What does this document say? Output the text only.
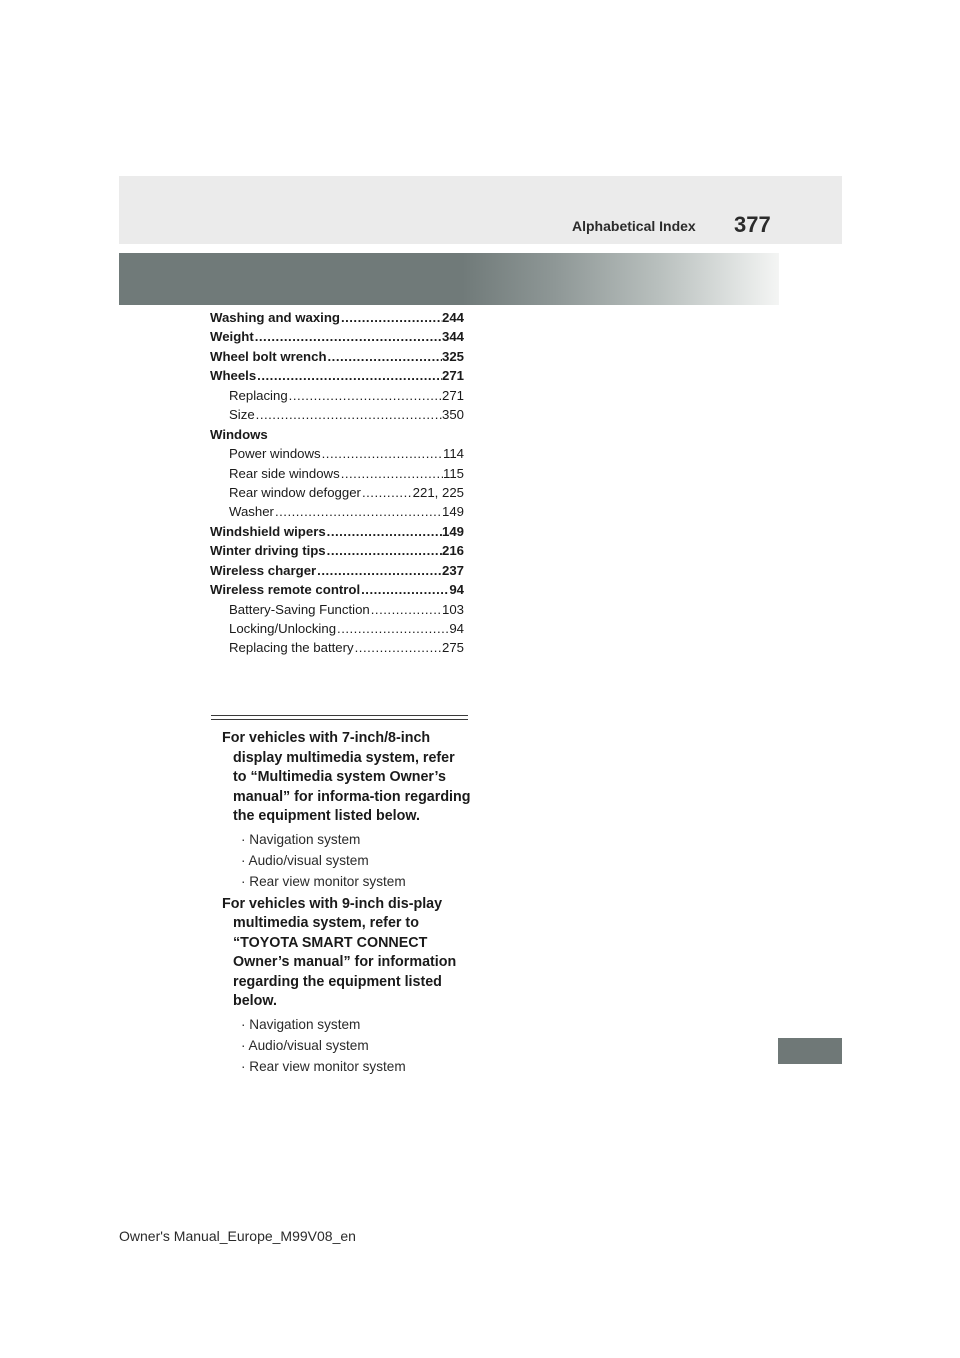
Alphabetical Index 377
Washing and waxing .....	244
Weight .....	344
Wheel bolt wrench .....	325
Wheels .....	271
Replacing .....	271
Size .....	350
Windows
Power windows .....	114
Rear side windows .....	115
Rear window defogger .....	221, 225
Washer .....	149
Windshield wipers .....	149
Winter driving tips .....	216
Wireless charger .....	237
Wireless remote control .....	94
Battery-Saving Function .....	103
Locking/Unlocking .....	94
Replacing the battery .....	275
For vehicles with 7-inch/8-inch display multimedia system, refer to “Multimedia system Owner’s manual” for informa-tion regarding the equipment listed below.
· Navigation system
· Audio/visual system
· Rear view monitor system
For vehicles with 9-inch dis-play multimedia system, refer to “TOYOTA SMART CONNECT Owner’s manual” for information regarding the equipment listed below.
· Navigation system
· Audio/visual system
· Rear view monitor system
Owner's Manual_Europe_M99V08_en
